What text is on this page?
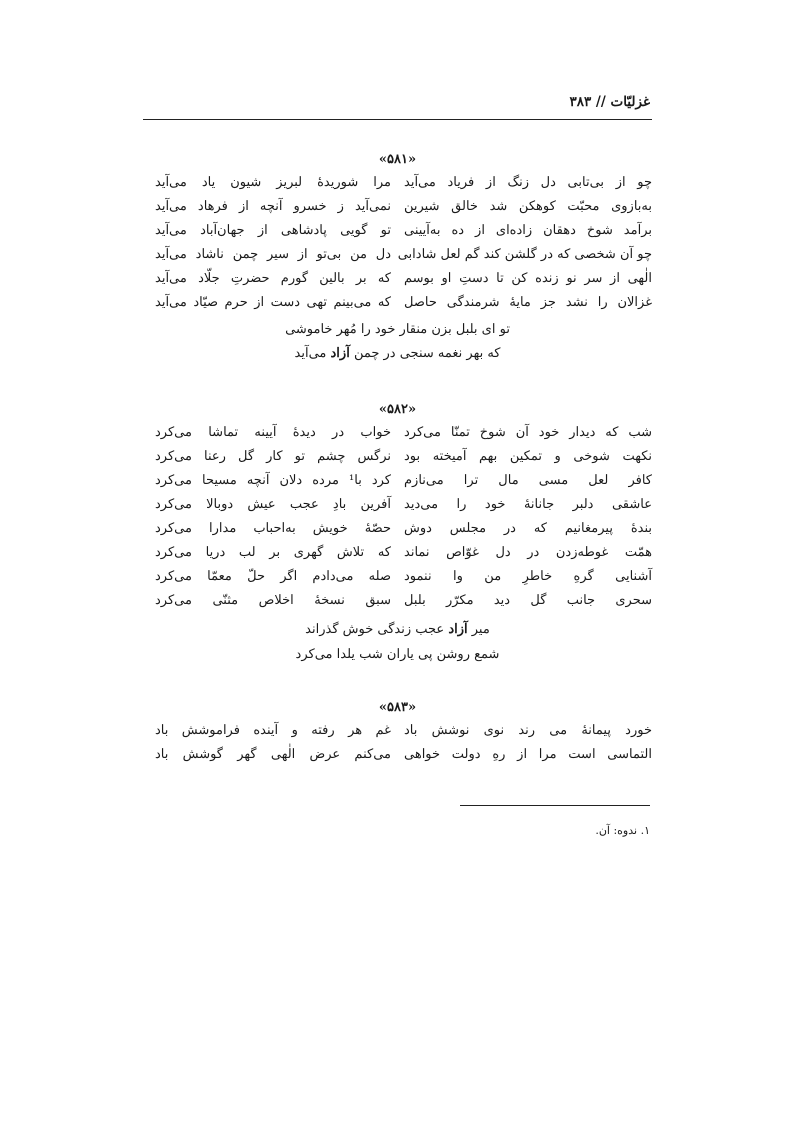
غزلیّات // ۳۸۳
«۵۸۱»
چو از بی‌تابی دل زنگ از فریاد می‌آید
مرا شوریدهٔ لبریز شیون یاد می‌آید
به‌بازوی محبّت کوهکن شد خالق شیرین
نمی‌آید ز خسرو آنچه از فرهاد می‌آید
برآمد شوخ دهقان زاده‌ای از ده به‌آیینی
تو گویی پادشاهی از جهان‌آباد می‌آید
چو آن شخصی که در گلشن کند گم لعل شادابی
دل من بی‌تو از سیر چمن ناشاد می‌آید
الٰهی از سر نو زنده کن تا دستِ او بوسم
که بر بالین گورم حضرتِ جلّاد می‌آید
غزالان را نشد جز مایهٔ شرمندگی حاصل
که می‌بینم تهی دست از حرم صیّاد می‌آید
تو ای بلبل بزن منقار خود را مُهر خاموشی
که بهر نغمه سنجی در چمن آزاد می‌آید
«۵۸۲»
شب که دیدار خود آن شوخ تمنّا می‌کرد
خواب در دیدهٔ آیینه تماشا می‌کرد
نکهت شوخی و تمکین بهم آمیخته بود
نرگس چشم تو کار گل رعنا می‌کرد
کافر لعل مسی مال ترا می‌نازم
کرد با¹ مرده دلان آنچه مسیحا می‌کرد
عاشقی دلبر جانانهٔ خود را می‌دید
آفرین بادِ عجب عیش دوبالا می‌کرد
بندهٔ پیرمغانیم که در مجلس دوش
حصّهٔ خویش به‌احباب مدارا می‌کرد
همّت غوطه‌زدن در دل غوّاص نماند
که تلاش گهری بر لب دریا می‌کرد
آشنایی گرهِ خاطرِ من وا ننمود
صله می‌دادم اگر حلّ معمّا می‌کرد
سحری جانب گل دید مکرّر بلبل
سبق نسخهٔ اخلاص مثنّی می‌کرد
میر آزاد عجب زندگی خوش گذراند
شمع روشن پی یاران شب یلدا می‌کرد
«۵۸۳»
خورد پیمانهٔ می رند نوی نوشش باد
غم هر رفته و آینده فراموشش باد
التماسی است مرا از رهِ دولت خواهی
می‌کنم عرض الٰهی گهر گوشش باد
۱. ندوه: آن.
